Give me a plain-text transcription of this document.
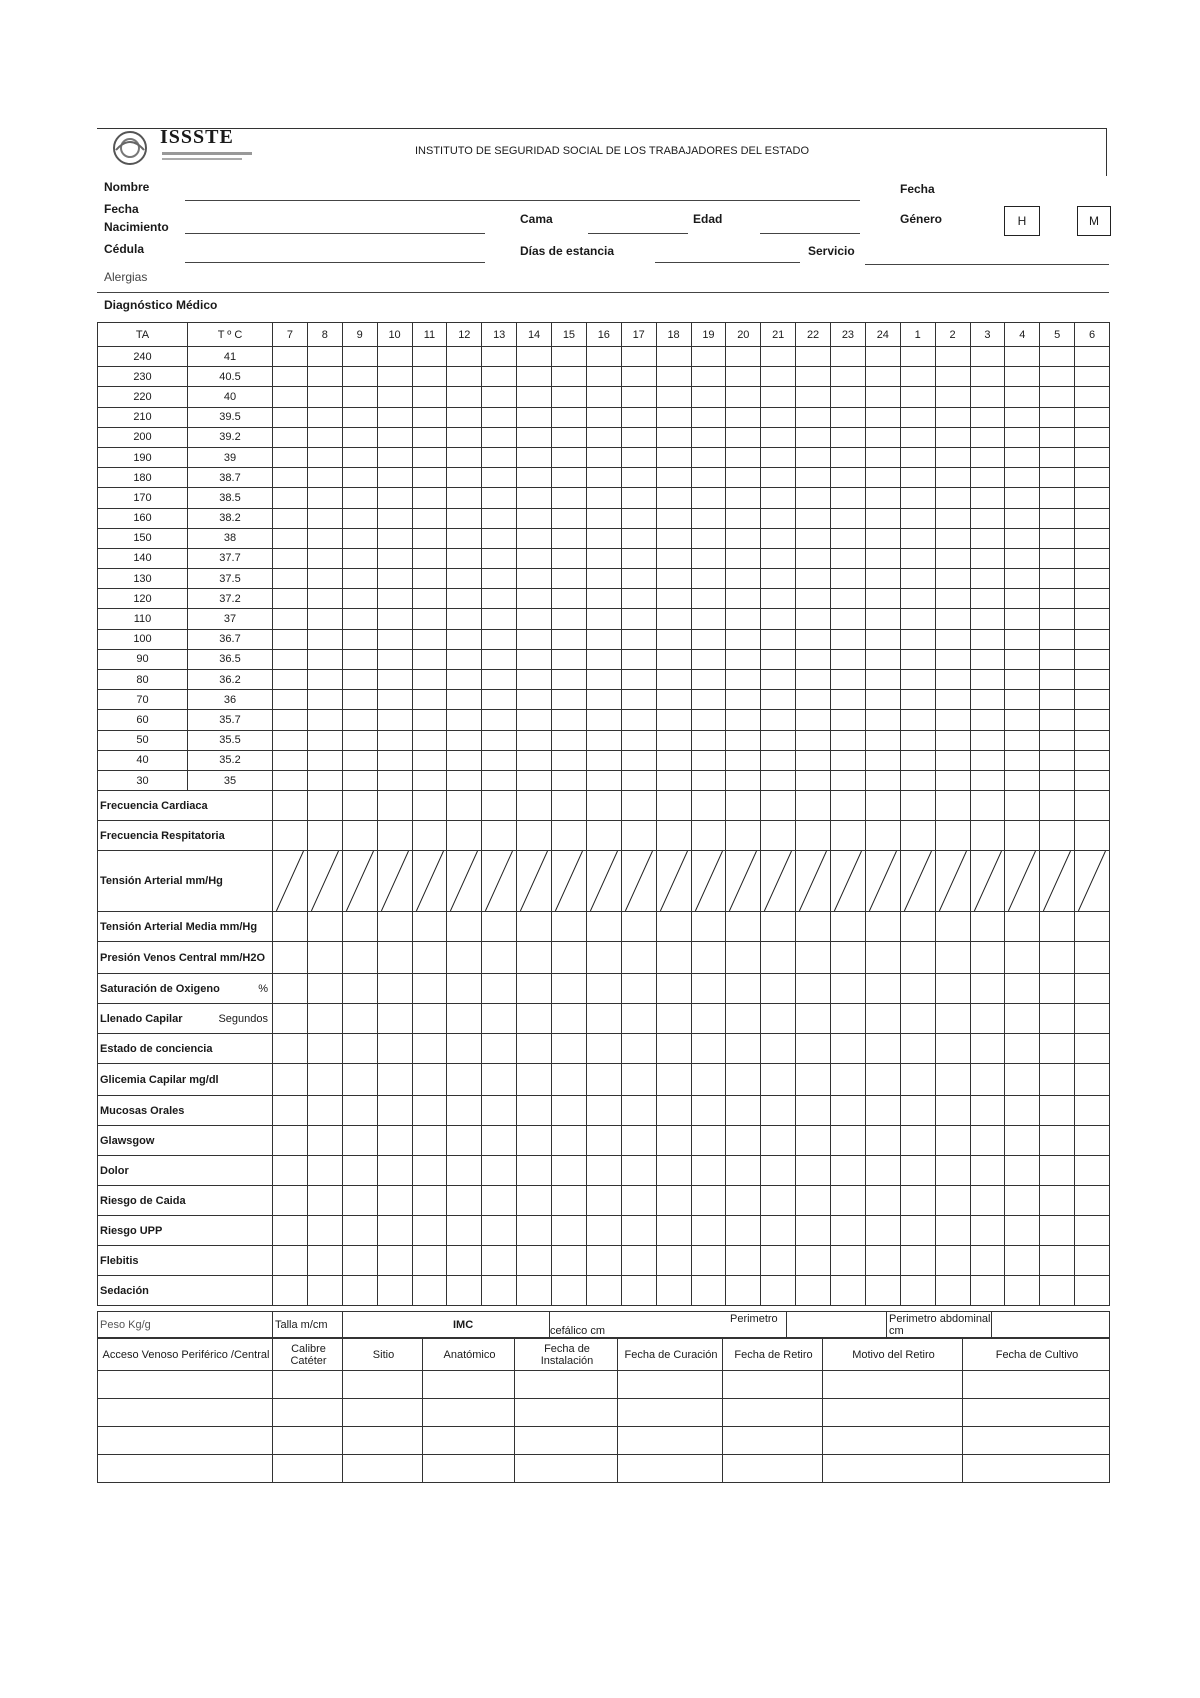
ISSSTE
INSTITUTO DE SEGURIDAD SOCIAL DE LOS TRABAJADORES DEL ESTADO
Nombre	Fecha
Fecha
Nacimiento
Cama	Edad	Género	H	M
Cédula	Días de estancia	Servicio
Alergias
Diagnóstico Médico
TA	T º C	7	8	9	10	11	12	13	14	15	16	17	18	19	20	21	22	23	24	1	2	3	4	5	6
240	41																								
230	40.5																								
220	40																								
210	39.5																								
200	39.2																								
190	39																								
180	38.7																								
170	38.5																								
160	38.2																								
150	38																								
140	37.7																								
130	37.5																								
120	37.2																								
110	37																								
100	36.7																								
90	36.5																								
80	36.2																								
70	36																								
60	35.7																								
50	35.5																								
40	35.2																								
30	35																								
Frecuencia Cardiaca																									
Frecuencia Respitatoria																									
Tensión Arterial mm/Hg	

Tensión Arterial Media mm/Hg																									
Presión Venos Central mm/H2O																									
Saturación de Oxigeno %																									

Llenado Capilar Segundos																									

Estado de conciencia																									
Glicemia Capilar mg/dl																									
Mucosas Orales																									
Glawsgow																									
Dolor																									
Riesgo de Caida																									
Riesgo UPP																									
Flebitis																									
Sedación																									
Peso Kg/g	Talla m/cm	IMC	Perimetro cefálico cm		Perimetro abdominal cm	
Acceso Venoso Periférico /Central	Calibre Catéter	Sitio	Anatómico	Fecha de Instalación	Fecha de Curación	Fecha de Retiro	Motivo del Retiro	Fecha de Cultivo
